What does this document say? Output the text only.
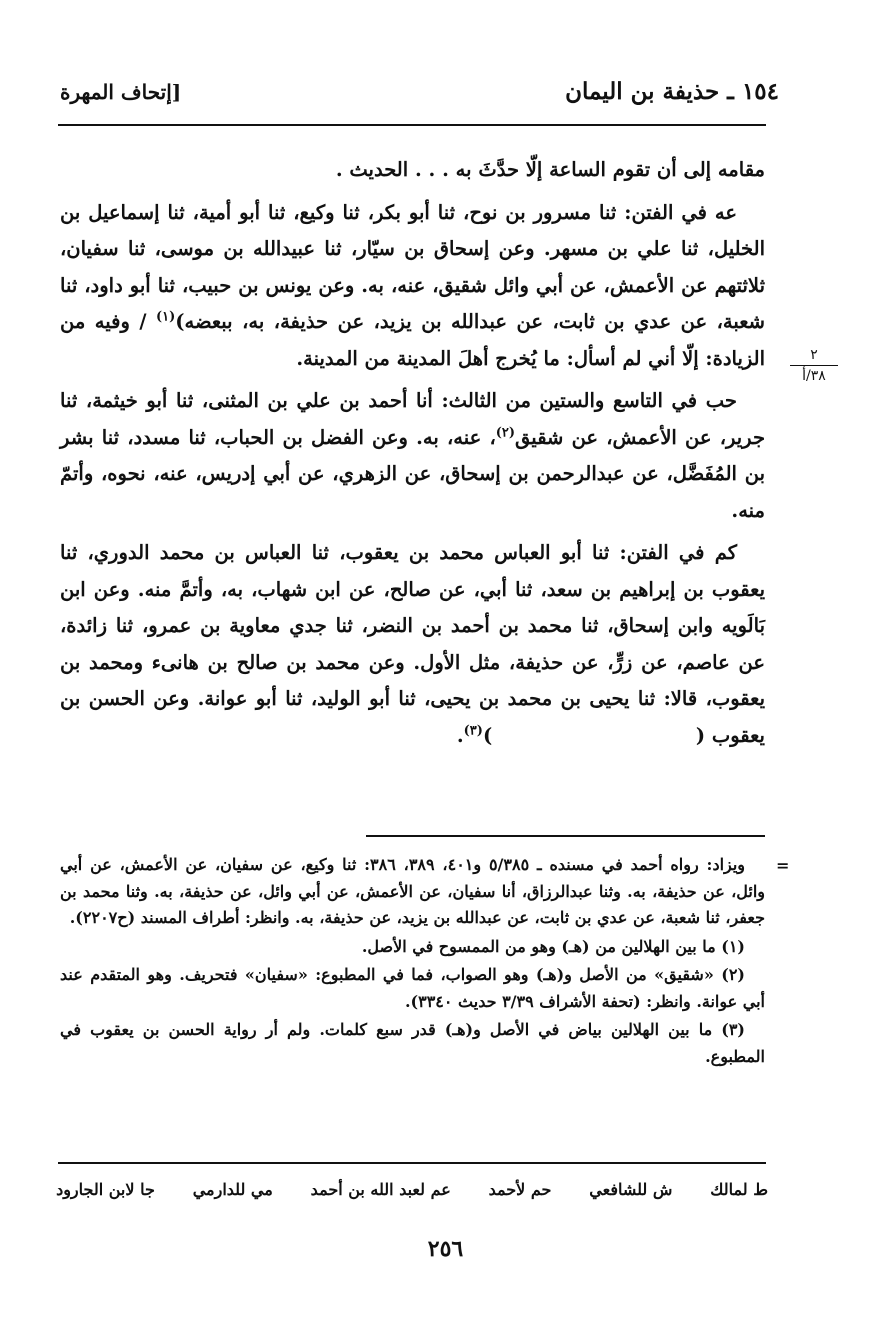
١٥٤ ـ حذيفة بن اليمان
[إتحاف المهرة
٢
٣٨/أ

مقامه إلى أن تقوم الساعة إلّا حدَّثَ به . . . الحديث .

عه في الفتن: ثنا مسرور بن نوح، ثنا أبو بكر، ثنا وكيع، ثنا أبو أمية، ثنا إسماعيل بن الخليل، ثنا علي بن مسهر. وعن إسحاق بن سيّار، ثنا عبيدالله بن موسى، ثنا سفيان، ثلاثتهم عن الأعمش، عن أبي وائل شقيق، عنه، به. وعن يونس بن حبيب، ثنا أبو داود، ثنا شعبة، عن عدي بن ثابت، عن عبدالله بن يزيد، عن حذيفة، به، ببعضه)$^{(١)}$ / وفيه من الزيادة: إلّا أني لم أسأل: ما يُخرج أهلَ المدينة من المدينة.

حب في التاسع والستين من الثالث: أنا أحمد بن علي بن المثنى، ثنا أبو خيثمة، ثنا جرير، عن الأعمش، عن شقيق$^{(٢)}$، عنه، به. وعن الفضل بن الحباب، ثنا مسدد، ثنا بشر بن المُفَضَّل، عن عبدالرحمن بن إسحاق، عن الزهري، عن أبي إدريس، عنه، نحوه، وأتمّ منه.

كم في الفتن: ثنا أبو العباس محمد بن يعقوب، ثنا العباس بن محمد الدوري، ثنا يعقوب بن إبراهيم بن سعد، ثنا أبي، عن صالح، عن ابن شهاب، به، وأتمَّ منه. وعن ابن بَالَويه وابن إسحاق، ثنا محمد بن أحمد بن النضر، ثنا جدي معاوية بن عمرو، ثنا زائدة، عن عاصم، عن زرٍّ، عن حذيفة، مثل الأول. وعن محمد بن صالح بن هانىء ومحمد بن يعقوب، قالا: ثنا يحيى بن محمد بن يحيى، ثنا أبو الوليد، ثنا أبو عوانة. وعن الحسن بن يعقوب (                              )$^{(٣)}$.

=

ويزاد: رواه أحمد في مسنده ـ ٥/٣٨٥ و٤٠١، ٣٨٩، ٣٨٦: ثنا وكيع، عن سفيان، عن الأعمش، عن أبي وائل، عن حذيفة، به. وثنا عبدالرزاق، أنا سفيان، عن الأعمش، عن أبي وائل، عن حذيفة، به. وثنا محمد بن جعفر، ثنا شعبة، عن عدي بن ثابت، عن عبدالله بن يزيد، عن حذيفة، به. وانظر: أطراف المسند (ح٢٢٠٧).

(١) ما بين الهلالين من (هـ) وهو من الممسوح في الأصل.

(٢) «شقيق» من الأصل و(هـ) وهو الصواب، فما في المطبوع: «سفيان» فتحريف. وهو المتقدم عند أبي عوانة. وانظر: (تحفة الأشراف ٣/٣٩ حديث ٣٣٤٠).

(٣) ما بين الهلالين بياض في الأصل و(هـ) قدر سبع كلمات. ولم أر رواية الحسن بن يعقوب في المطبوع.

ط لمالك
ش للشافعي
حم لأحمد
عم لعبد الله بن أحمد
مي للدارمي
جا لابن الجارود
٢٥٦
